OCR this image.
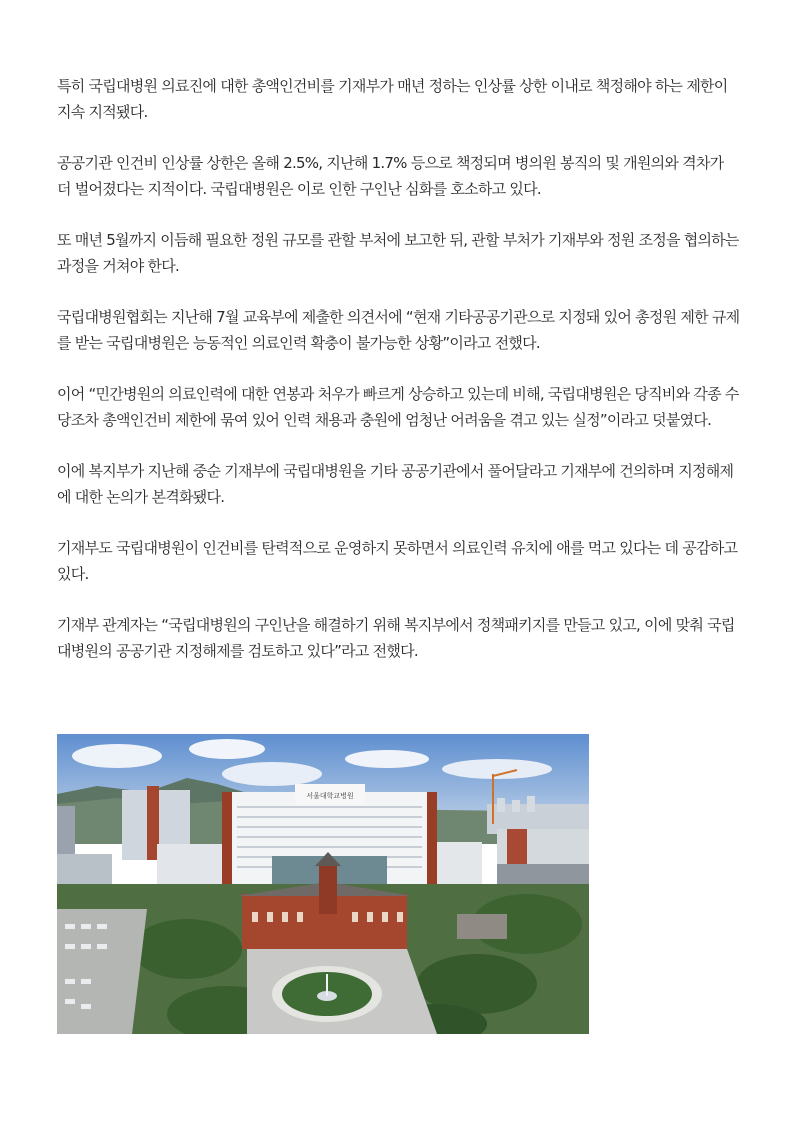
특히 국립대병원 의료진에 대한 총액인건비를 기재부가 매년 정하는 인상률 상한 이내로 책정해야 하는 제한이 지속 지적됐다.

공공기관 인건비 인상률 상한은 올해 2.5%, 지난해 1.7% 등으로 책정되며 병의원 봉직의 및 개원의와 격차가 더 벌어졌다는 지적이다. 국립대병원은 이로 인한 구인난 심화를 호소하고 있다.

또 매년 5월까지 이듬해 필요한 정원 규모를 관할 부처에 보고한 뒤, 관할 부처가 기재부와 정원 조정을 협의하는 과정을 거쳐야 한다.

국립대병원협회는 지난해 7월 교육부에 제출한 의견서에 “현재 기타공공기관으로 지정돼 있어 총정원 제한 규제를 받는 국립대병원은 능동적인 의료인력 확충이 불가능한 상황”이라고 전했다.

이어 “민간병원의 의료인력에 대한 연봉과 처우가 빠르게 상승하고 있는데 비해, 국립대병원은 당직비와 각종 수당조차 총액인건비 제한에 묶여 있어 인력 채용과 충원에 엄청난 어려움을 겪고 있는 실정”이라고 덧붙였다.

이에 복지부가 지난해 중순 기재부에 국립대병원을 기타 공공기관에서 풀어달라고 기재부에 건의하며 지정해제에 대한 논의가 본격화됐다.

기재부도 국립대병원이 인건비를 탄력적으로 운영하지 못하면서 의료인력 유치에 애를 먹고 있다는 데 공감하고 있다.

기재부 관계자는 “국립대병원의 구인난을 해결하기 위해 복지부에서 정책패키지를 만들고 있고, 이에 맞춰 국립대병원의 공공기관 지정해제를 검토하고 있다”라고 전했다.

서울대학교병원
